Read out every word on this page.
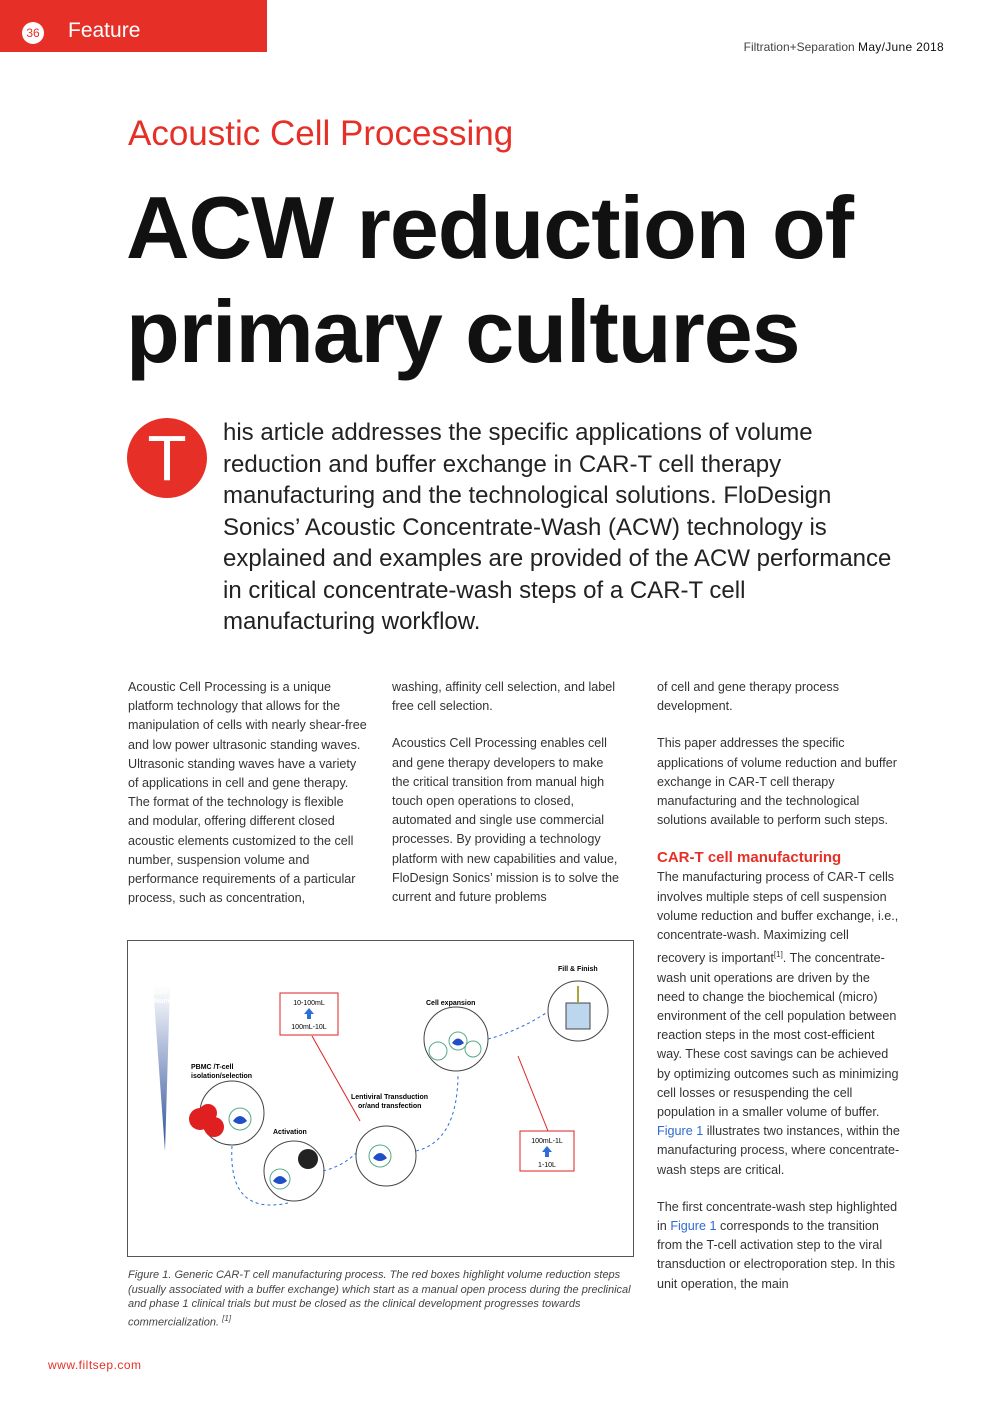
36 Feature
Filtration+Separation May/June 2018
Acoustic Cell Processing
ACW reduction of primary cultures
T	his article addresses the specific applications of volume reduction and buffer exchange in CAR-T cell therapy manufacturing and the technological solutions. FloDesign Sonics’ Acoustic Concentrate-Wash (ACW) technology is explained and examples are provided of the ACW performance in critical concentrate-wash steps of a CAR-T cell manufacturing workflow.

Acoustic Cell Processing is a unique platform technology that allows for the manipulation of cells with nearly shear-free and low power ultrasonic standing waves. Ultrasonic standing waves have a variety of applications in cell and gene therapy. The format of the technology is flexible and modular, offering different closed acoustic elements customized to the cell number, suspension volume and performance requirements of a particular process, such as concentration,

washing, affinity cell selection, and label free cell selection.

Acoustics Cell Processing enables cell and gene therapy developers to make the critical transition from manual high touch open operations to closed, automated and single use commercial processes. By providing a technology platform with new capabilities and value, FloDesign Sonics’ mission is to solve the current and future problems

of cell and gene therapy process development.

This paper addresses the specific applications of volume reduction and buffer exchange in CAR-T cell therapy manufacturing and the technological solutions available to perform such steps.

CAR-T cell manufacturing

The manufacturing process of CAR-T cells involves multiple steps of cell suspension volume reduction and buffer exchange, i.e., concentrate-wash. Maximizing cell recovery is important[1]. The concentrate-wash unit operations are driven by the need to change the biochemical (micro) environment of the cell population between reaction steps in the most cost-efficient way. These cost savings can be achieved by optimizing outcomes such as minimizing cell losses or resuspending the cell population in a smaller volume of buffer. Figure 1 illustrates two instances, within the manufacturing process, where concentrate-wash steps are critical.

The first concentrate-wash step highlighted in Figure 1 corresponds to the transition from the T-cell activation step to the viral transduction or electroporation step. In this unit operation, the main

Cell
Number	10-100mL
100mL-10L
100mL-1L
1-10L
PBMC /T-cell
isolation/selection
Activation
Lentiviral Transduction
or/and transfection
Cell expansion
Fill & Finish
Figure 1. Generic CAR-T cell manufacturing process. The red boxes highlight volume reduction steps (usually associated with a buffer exchange) which start as a manual open process during the preclinical and phase 1 clinical trials but must be closed as the clinical development progresses towards commercialization. [1]
www.filtsep.com
